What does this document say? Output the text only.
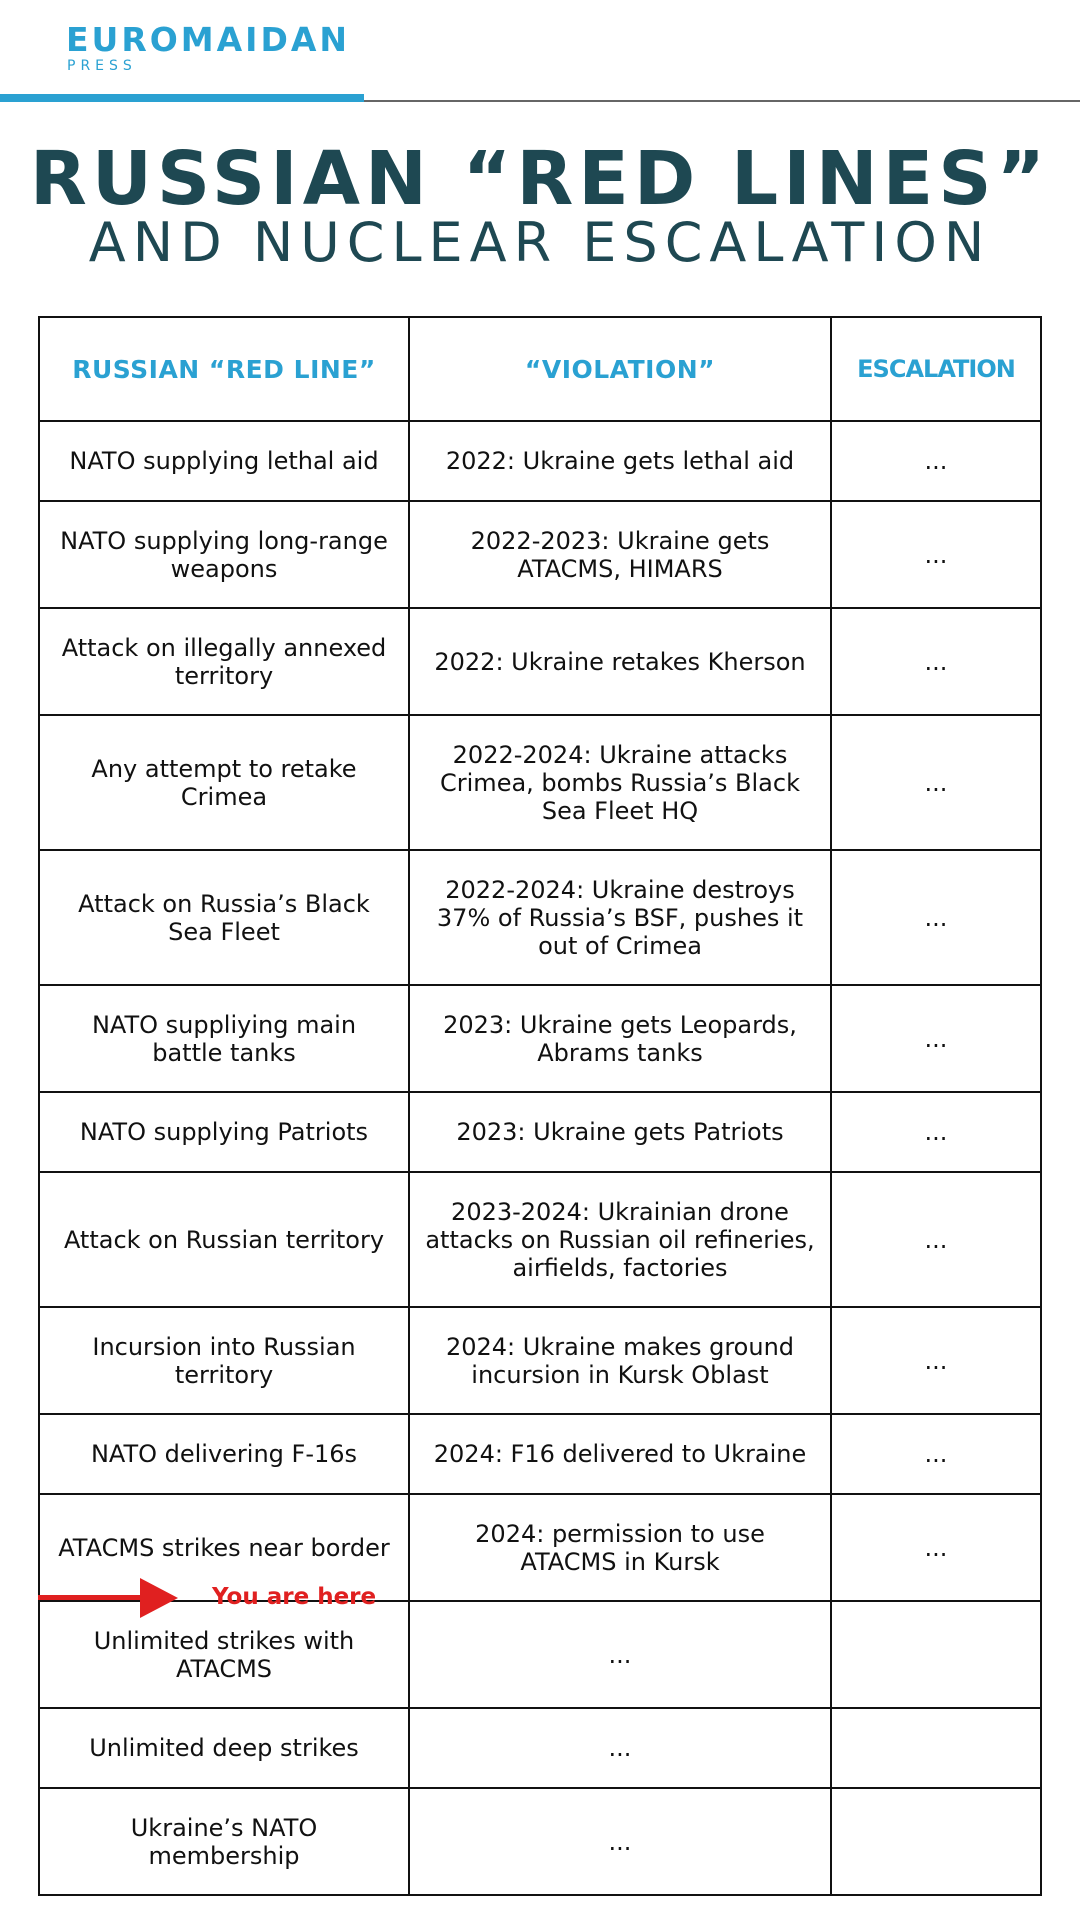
EUROMAIDAN
PRESS
RUSSIAN “RED LINES”
AND NUCLEAR ESCALATION
RUSSIAN “RED LINE”	“VIOLATION”	ESCALATION
NATO supplying lethal aid	2022: Ukraine gets lethal aid	...
NATO supplying long-range weapons	2022-2023: Ukraine gets ATACMS, HIMARS	...
Attack on illegally annexed territory	2022: Ukraine retakes Kherson	...
Any attempt to retake Crimea	2022-2024: Ukraine attacks Crimea, bombs Russia’s Black Sea Fleet HQ	...
Attack on Russia’s Black Sea Fleet	2022-2024: Ukraine destroys 37% of Russia’s BSF, pushes it out of Crimea	...
NATO suppliying main battle tanks	2023: Ukraine gets Leopards, Abrams tanks	...
NATO supplying Patriots	2023: Ukraine gets Patriots	...
Attack on Russian territory	2023-2024: Ukrainian drone attacks on Russian oil refineries, airfields, factories	...
Incursion into Russian territory	2024: Ukraine makes ground incursion in Kursk Oblast	...
NATO delivering F-16s	2024: F16 delivered to Ukraine	...
ATACMS strikes near border	2024: permission to use ATACMS in Kursk	...
Unlimited strikes with ATACMS	...	
Unlimited deep strikes	...	
Ukraine’s NATO membership	...	
You are here
